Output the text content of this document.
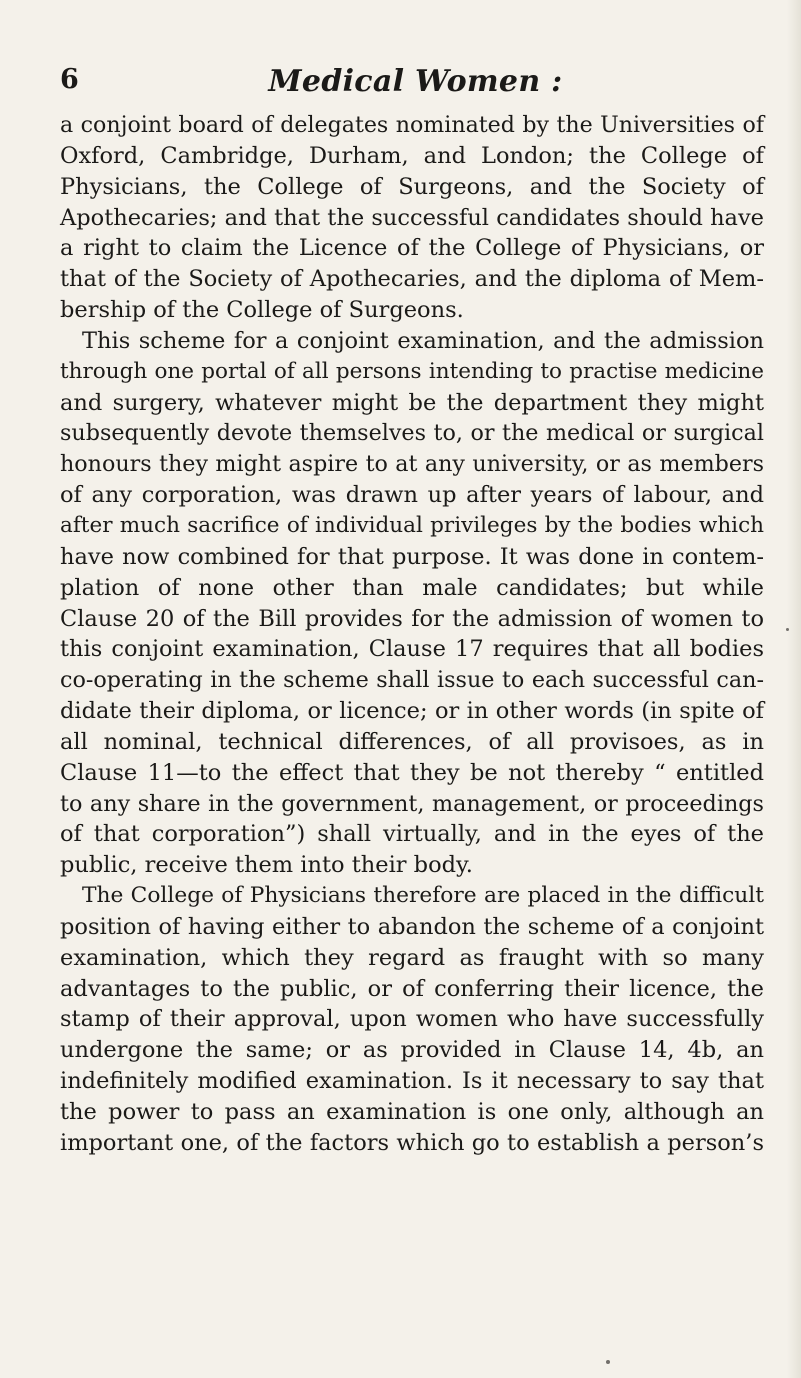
6	Medical Women :
a conjoint board of delegates nominated by the Universities of
Oxford, Cambridge, Durham, and London; the College of
Physicians, the College of Surgeons, and the Society of
Apothecaries; and that the successful candidates should have
a right to claim the Licence of the College of Physicians, or
that of the Society of Apothecaries, and the diploma of Mem-
bership of the College of Surgeons.
This scheme for a conjoint examination, and the admission
through one portal of all persons intending to practise medicine
and surgery, whatever might be the department they might
subsequently devote themselves to, or the medical or surgical
honours they might aspire to at any university, or as members
of any corporation, was drawn up after years of labour, and
after much sacrifice of individual privileges by the bodies which
have now combined for that purpose. It was done in contem-
plation of none other than male candidates; but while
Clause 20 of the Bill provides for the admission of women to
this conjoint examination, Clause 17 requires that all bodies
co-operating in the scheme shall issue to each successful can-
didate their diploma, or licence; or in other words (in spite of
all nominal, technical differences, of all provisoes, as in
Clause 11—to the effect that they be not thereby “ entitled
to any share in the government, management, or proceedings
of that corporation”) shall virtually, and in the eyes of the
public, receive them into their body.
The College of Physicians therefore are placed in the difficult
position of having either to abandon the scheme of a conjoint
examination, which they regard as fraught with so many
advantages to the public, or of conferring their licence, the
stamp of their approval, upon women who have successfully
undergone the same; or as provided in Clause 14, 4b, an
indefinitely modified examination. Is it necessary to say that
the power to pass an examination is one only, although an
important one, of the factors which go to establish a person’s
